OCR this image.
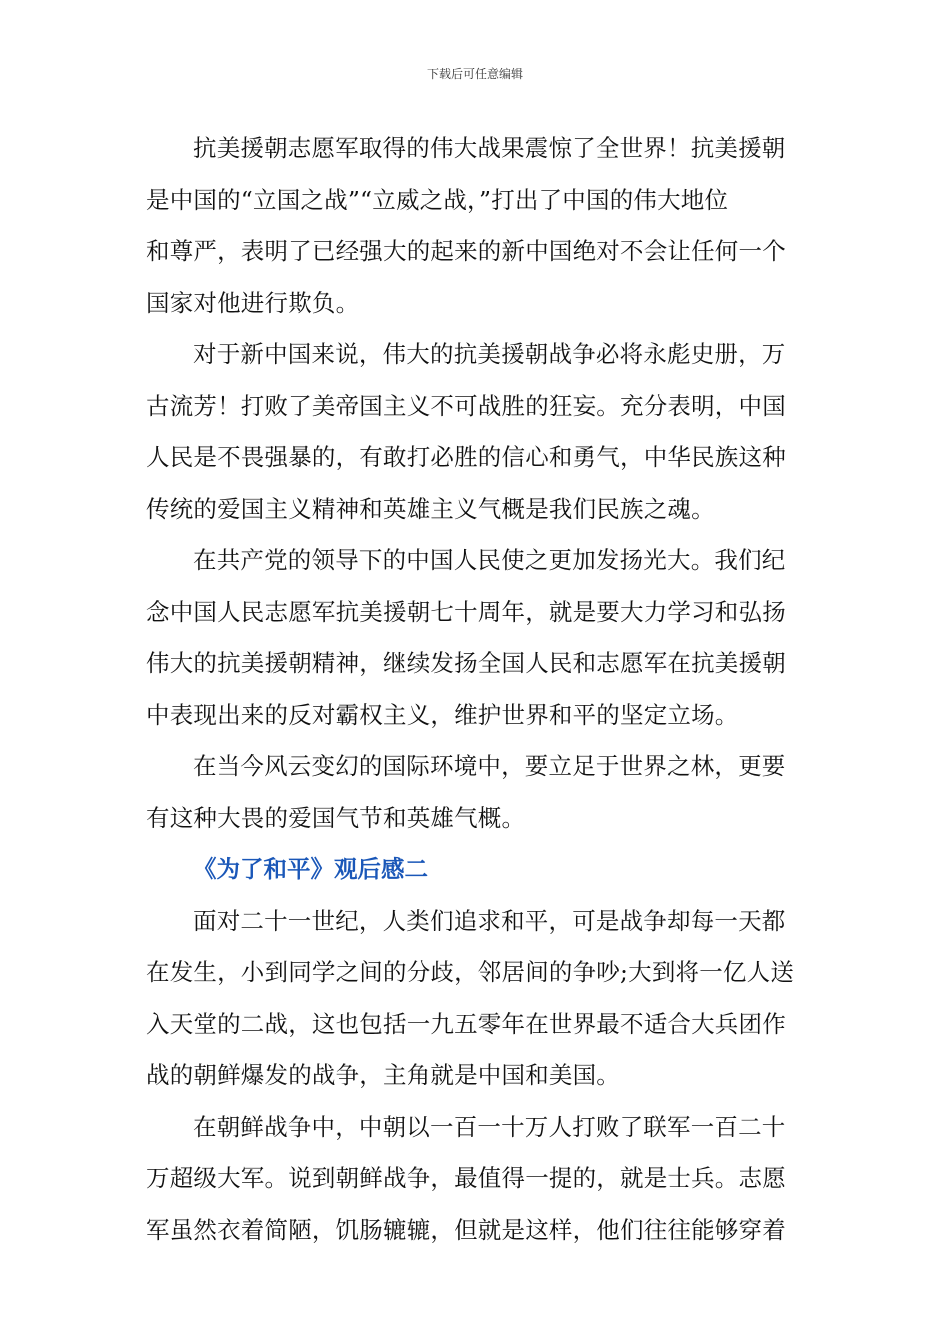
下载后可任意编辑

抗美援朝志愿军取得的伟大战果震惊了全世界！抗美援朝
是中国的“立国之战”“立威之战，”打出了中国的伟大地位
和尊严，表明了已经强大的起来的新中国绝对不会让任何一个
国家对他进行欺负。

对于新中国来说，伟大的抗美援朝战争必将永彪史册，万
古流芳！打败了美帝国主义不可战胜的狂妄。充分表明，中国
人民是不畏强暴的，有敢打必胜的信心和勇气，中华民族这种
传统的爱国主义精神和英雄主义气概是我们民族之魂。

在共产党的领导下的中国人民使之更加发扬光大。我们纪
念中国人民志愿军抗美援朝七十周年，就是要大力学习和弘扬
伟大的抗美援朝精神，继续发扬全国人民和志愿军在抗美援朝
中表现出来的反对霸权主义，维护世界和平的坚定立场。

在当今风云变幻的国际环境中，要立足于世界之林，更要
有这种大畏的爱国气节和英雄气概。

《为了和平》观后感二

面对二十一世纪，人类们追求和平，可是战争却每一天都
在发生，小到同学之间的分歧，邻居间的争吵;大到将一亿人送
入天堂的二战，这也包括一九五零年在世界最不适合大兵团作
战的朝鲜爆发的战争，主角就是中国和美国。

在朝鲜战争中，中朝以一百一十万人打败了联军一百二十
万超级大军。说到朝鲜战争，最值得一提的，就是士兵。志愿
军虽然衣着简陋，饥肠辘辘，但就是这样，他们往往能够穿着
